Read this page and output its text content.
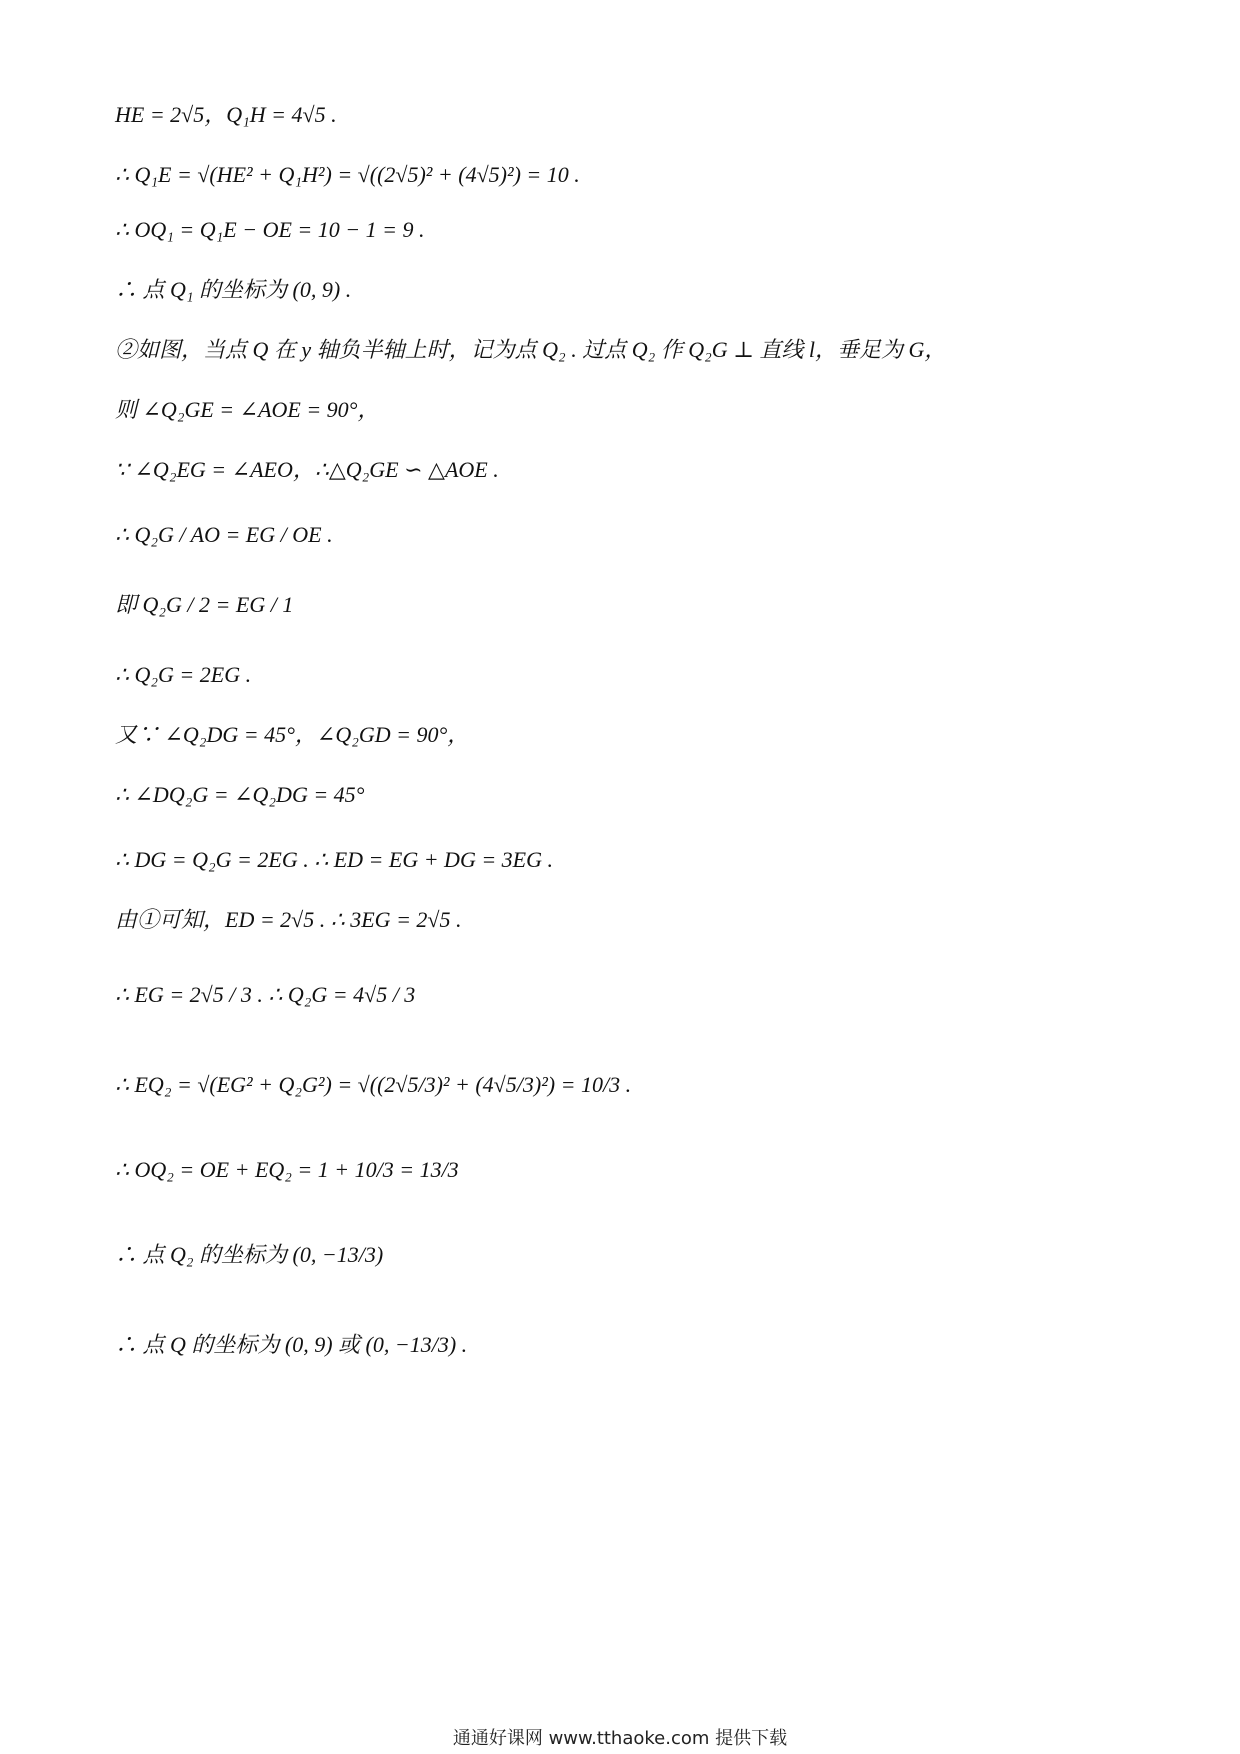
HE = 2√5，Q₁H = 4√5 .
∴ Q₁E = √(HE² + Q₁H²) = √((2√5)² + (4√5)²) = 10 .
∴ OQ₁ = Q₁E − OE = 10 − 1 = 9 .
∴ 点 Q₁ 的坐标为 (0, 9) .
②如图，当点 Q 在 y 轴负半轴上时，记为点 Q₂ . 过点 Q₂ 作 Q₂G ⊥ 直线 l，垂足为 G，
则 ∠Q₂GE = ∠AOE = 90°，
∵ ∠Q₂EG = ∠AEO，∴△Q₂GE ∽ △AOE .
∴ Q₂G / AO = EG / OE .
即 Q₂G / 2 = EG / 1
∴ Q₂G = 2EG .
又∵ ∠Q₂DG = 45°，∠Q₂GD = 90°，
∴ ∠DQ₂G = ∠Q₂DG = 45°
∴ DG = Q₂G = 2EG . ∴ ED = EG + DG = 3EG .
由①可知，ED = 2√5 . ∴ 3EG = 2√5 .
∴ EG = 2√5 / 3 . ∴ Q₂G = 4√5 / 3
∴ EQ₂ = √(EG² + Q₂G²) = √((2√5/3)² + (4√5/3)²) = 10/3 .
∴ OQ₂ = OE + EQ₂ = 1 + 10/3 = 13/3
∴ 点 Q₂ 的坐标为 (0, −13/3)
∴ 点 Q 的坐标为 (0, 9) 或 (0, −13/3) .
通通好课网 www.tthaoke.com 提供下载
